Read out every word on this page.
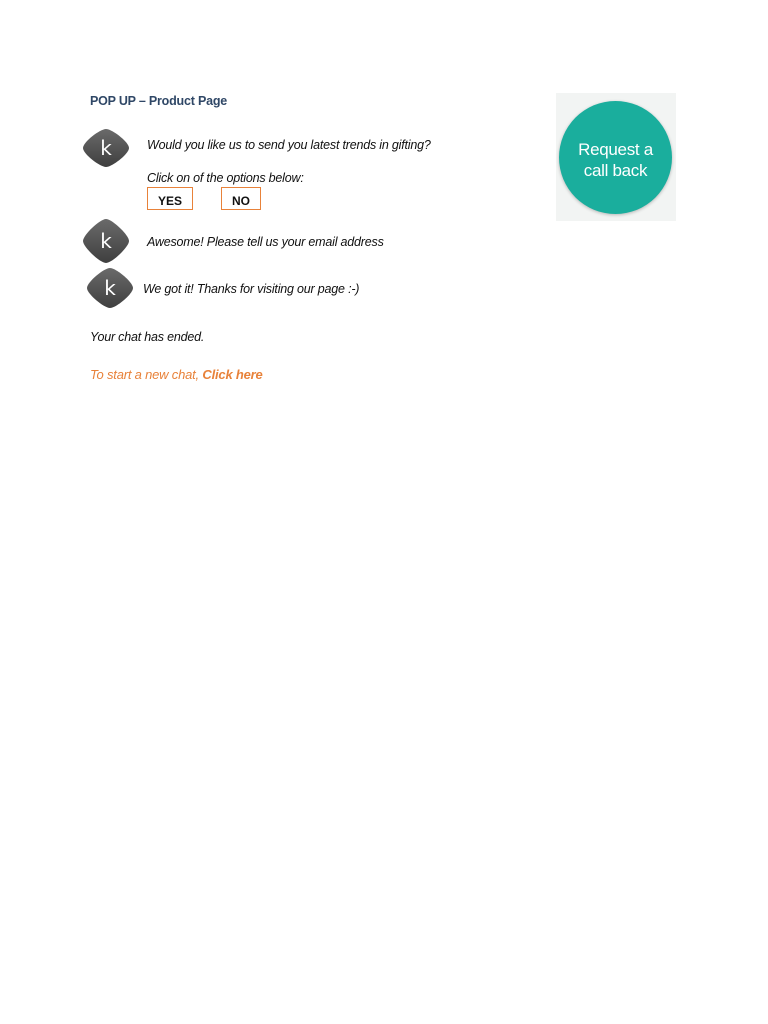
POP UP – Product Page
k	Would you like us to send you latest trends in gifting?
Click on of the options below:
YES	NO
k	Awesome! Please tell us your email address
k We got it! Thanks for visiting our page :-)
Your chat has ended.
To start a new chat, Click here
Request a
call back
